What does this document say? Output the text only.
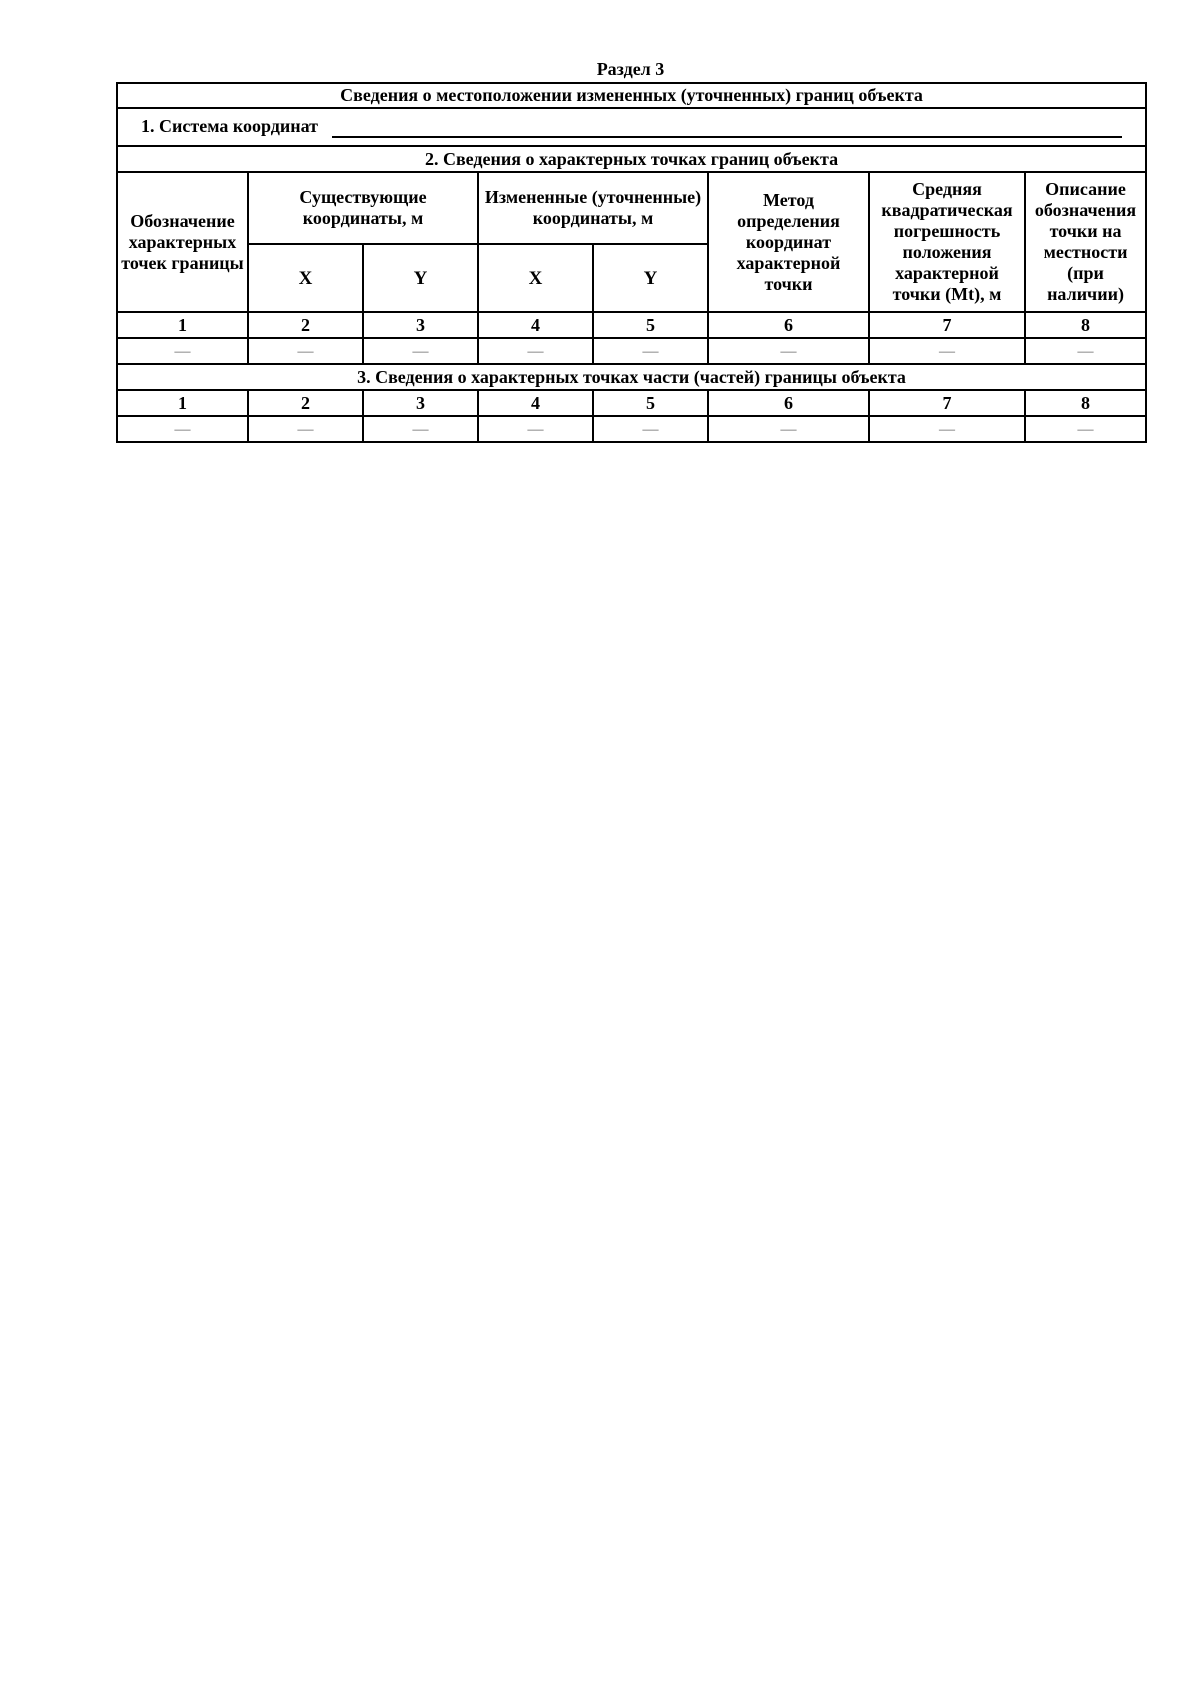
Раздел 3
Сведения о местоположении измененных (уточненных) границ объекта							
1. Система координат							
2. Сведения о характерных точках границ объекта							
Обозначение характерных точек границы	Существующие координаты, м		Измененные (уточненные) координаты, м		Метод определения координат характерной точки	Средняя квадратическая погрешность положения характерной точки (Mt), м	Описание обозначения точки на местности (при наличии)
	X	Y	X	Y			
1	2	3	4	5	6	7	8
—	—	—	—	—	—	—	—
3. Сведения о характерных точках части (частей) границы объекта							
1	2	3	4	5	6	7	8
—	—	—	—	—	—	—	—
